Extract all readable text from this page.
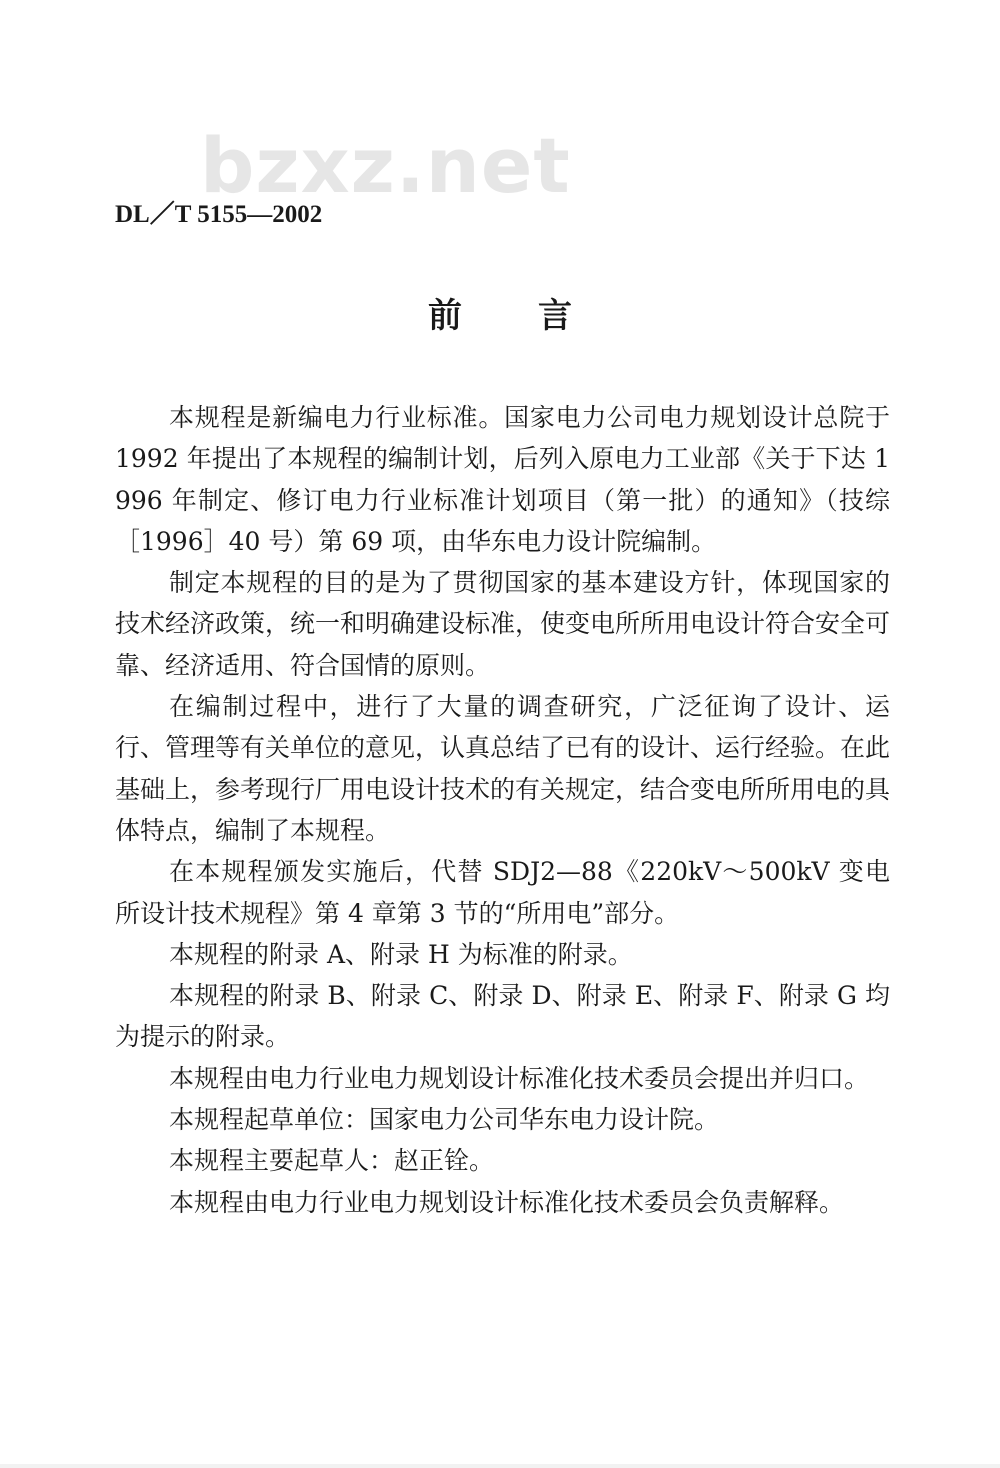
bzxz.net
DL／T 5155—2002
前言

本规程是新编电力行业标准。国家电力公司电力规划设计总院于 1992 年提出了本规程的编制计划，后列入原电力工业部《关于下达 1996 年制定、修订电力行业标准计划项目（第一批）的通知》（技综［1996］40 号）第 69 项，由华东电力设计院编制。

制定本规程的目的是为了贯彻国家的基本建设方针，体现国家的技术经济政策，统一和明确建设标准，使变电所所用电设计符合安全可靠、经济适用、符合国情的原则。

在编制过程中，进行了大量的调查研究，广泛征询了设计、运行、管理等有关单位的意见，认真总结了已有的设计、运行经验。在此基础上，参考现行厂用电设计技术的有关规定，结合变电所所用电的具体特点，编制了本规程。

在本规程颁发实施后，代替 SDJ2—88《220kV～500kV 变电所设计技术规程》第 4 章第 3 节的“所用电”部分。

本规程的附录 A、附录 H 为标准的附录。

本规程的附录 B、附录 C、附录 D、附录 E、附录 F、附录 G 均为提示的附录。

本规程由电力行业电力规划设计标准化技术委员会提出并归口。

本规程起草单位：国家电力公司华东电力设计院。

本规程主要起草人：赵正铨。

本规程由电力行业电力规划设计标准化技术委员会负责解释。
